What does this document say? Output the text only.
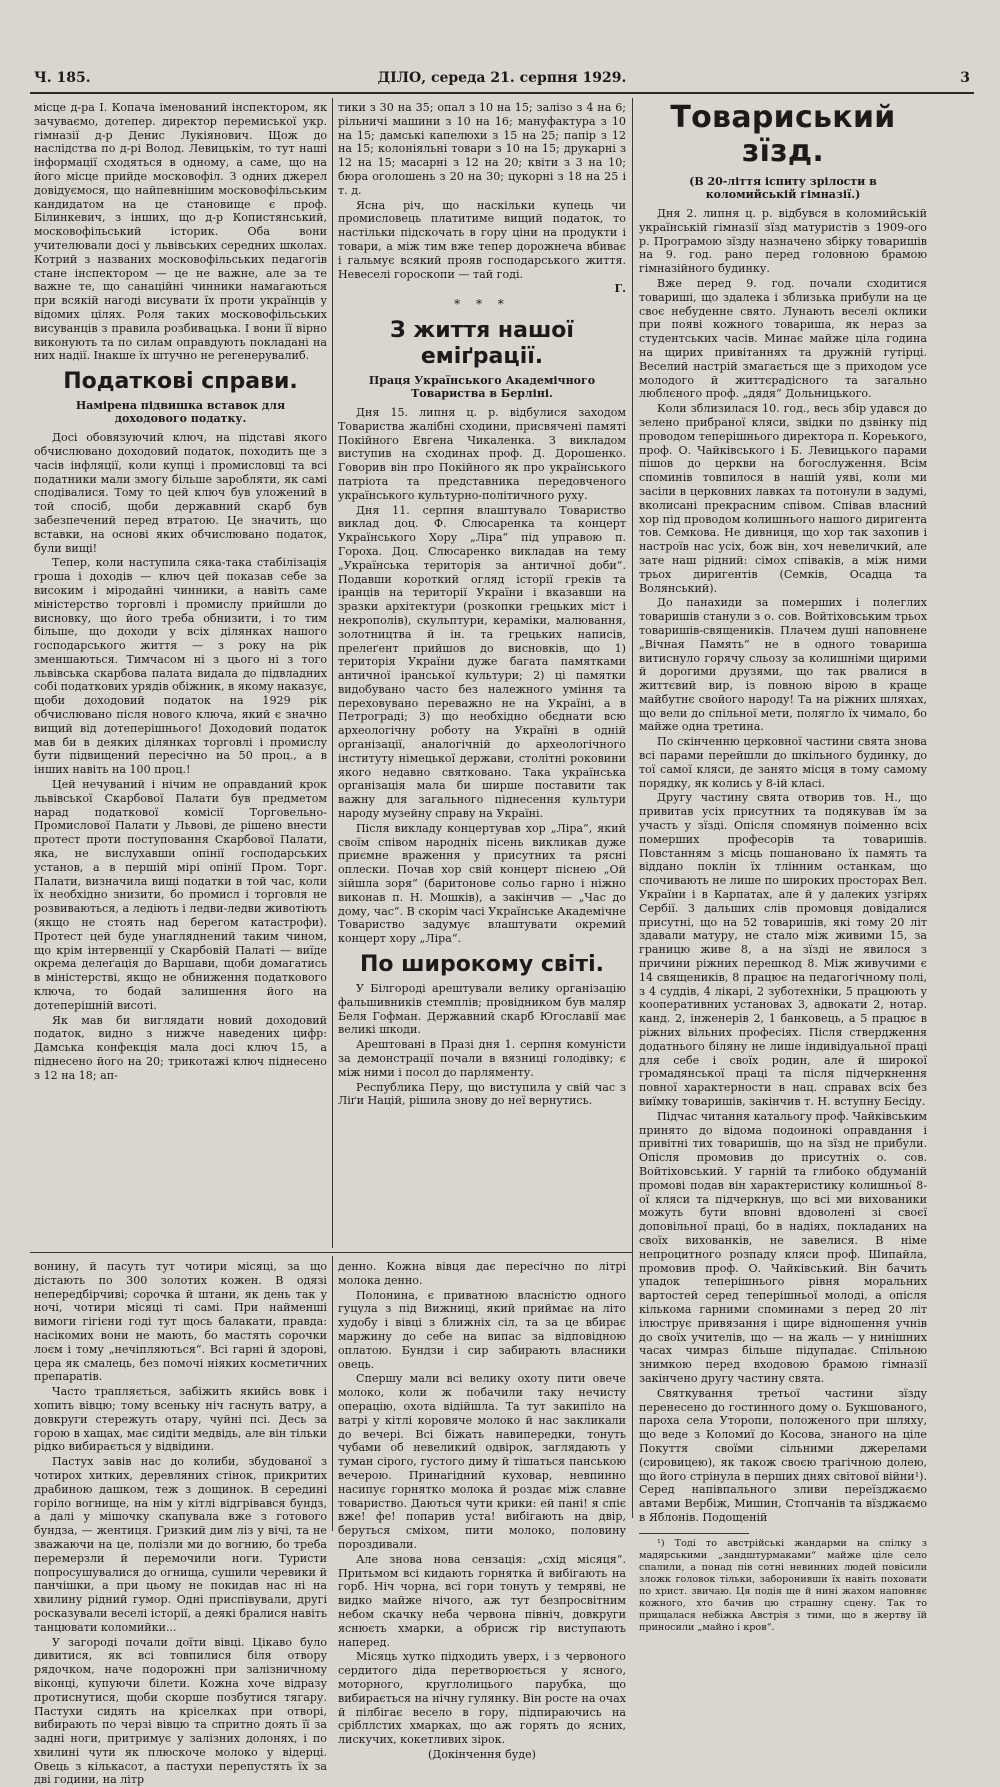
Ч. 185.	ДІЛО, середа 21. серпня 1929.	3

місце д-ра І. Копача іменований інспектором, як зачуваємо, дотепер. директор перемиської укр. гімназії д-р Денис Лукіянович. Щож до наслідства по д-рі Волод. Левицькім, то тут наші інформації сходяться в одному, а саме, що на його місце прийде московофіл. З одних джерел довідуємося, що найпевнішим московофільським кандидатом на це становище є проф. Білинкевич, з інших, що д-р Копистянський, московофільський історик. Оба вони учителювали досі у львівських середних школах. Котрий з названих московофільських педагогів стане інспектором — це не важне, але за те важне те, що санаційні чинники намагаються при всякій нагоді висувати їх проти українців у відомих цілях. Роля таких московофільських висуванців з правила розбивацька. І вони її вірно виконують та по силам оправдують покладані на них надії. Інакше їх штучно не регенерувалиб.

Податкові справи.
Намірена підвишка вставок для доходового податку.

Досі обовязуючий ключ, на підставі якого обчислювано доходовий податок, походить ще з часів інфляції, коли купці і промисловці та всі податники мали змогу більше заробляти, як самі сподівалися. Тому то цей ключ був уложений в той спосіб, щоби державний скарб був забезпечений перед втратою. Це значить, що вставки, на основі яких обчислювано податок, були вищі!

Тепер, коли наступила сяка-така стабілізація гроша і доходів — ключ цей показав себе за високим і міродайні чинники, а навіть саме міністерство торговлі і промислу прийшли до висновку, що його треба обнизити, і то тим більше, що доходи у всіх ділянках нашого господарського життя — з року на рік зменшаються. Тимчасом ні з цього ні з того львівська скарбова палата видала до підвладних собі податкових урядів обіжник, в якому наказує, щоби доходовий податок на 1929 рік обчислювано після нового ключа, який є значно вищий від дотеперішнього! Доходовий податок мав би в деяких ділянках торговлі і промислу бути підвищений пересічно на 50 проц., а в інших навіть на 100 проц.!

Цей нечуваний і нічим не оправданий крок львівської Скарбової Палати був предметом нарад податкової комісії Торговельно-Промислової Палати у Львові, де рішено внести протест проти поступовання Скарбової Палати, яка, не вислухавши опінії господарських установ, а в першій мірі опінії Пром. Торг. Палати, визначила вищі податки в той час, коли їх необхідно знизити, бо промисл і торговля не розвиваються, а ледіють і ледви-ледви животіють (якщо не стоять над берегом катастрофи). Протест цей буде унагляднений таким чином, що крім інтервенції у Скарбовій Палаті — виїде окрема делеґація до Варшави, щоби домагатись в міністерстві, якщо не обниження податкового ключа, то бодай залишення його на дотеперішній висоті.

Як мав би виглядати новий доходовий податок, видно з нижче наведених цифр: Дамська конфекція мала досі ключ 15, а піднесено його на 20; трикотажі ключ піднесено з 12 на 18; ап-

тики з 30 на 35; опал з 10 на 15; залізо з 4 на 6; рільничі машини з 10 на 16; мануфактура з 10 на 15; дамські капелюхи з 15 на 25; папір з 12 на 15; колоніяльні товари з 10 на 15; друкарні з 12 на 15; масарні з 12 на 20; квіти з 3 на 10; бюра оголошень з 20 на 30; цукорні з 18 на 25 і т. д.

Ясна річ, що наскільки купець чи промисловець платитиме вищий податок, то настільки підскочать в гору ціни на продукти і товари, а між тим вже тепер дорожнеча вбиває і гальмує всякий прояв господарського життя. Невеселі гороскопи — тай годі.

Г.
* * *
З життя нашої еміґрації.
Праця Українського Академічного Товариства в Берліні.

Дня 15. липня ц. р. відбулися заходом Товариства жалібні сходини, присвячені памяті Покійного Евгена Чикаленка. З викладом виступив на сходинах проф. Д. Дорошенко. Говорив він про Покійного як про українського патріота та представника передовченого українського культурно-політичного руху.

Дня 11. серпня влаштувало Товариство виклад доц. Ф. Слюсаренка та концерт Українського Хору „Ліра“ під управою п. Гороха. Доц. Слюсаренко викладав на тему „Українська територія за античної доби“. Подавши короткий огляд історії греків та іранців на території України і вказавши на зразки архітектури (розкопки грецьких міст і некрополів), скульптури, кераміки, малювання, золотництва й ін. та грецьких написів, прелеґент прийшов до висновків, що 1) територія України дуже багата памятками античної іранської культури; 2) ці памятки видобувано часто без належного уміння та переховувано переважно не на Україні, а в Петрограді; 3) що необхідно обєднати всю археологічну роботу на Україні в одній організації, аналогічній до археологічного інституту німецької держави, столітні роковини якого недавно святковано. Така українська організація мала би ширше поставити так важну для загального піднесення культури народу музейну справу на Україні.

Після викладу концертував хор „Ліра“, який своїм співом народніх пісень викликав дуже приємне враження у присутних та рясні оплески. Почав хор свій концерт піснею „Ой зійшла зоря“ (баритонове сольо гарно і ніжно виконав п. Н. Мошків), а закінчив — „Час до дому, час“. В скорім часі Українське Академічне Товариство задумує влаштувати окремий концерт хору „Ліра“.

По широкому світі.

У Білгороді арештували велику організацію фальшивників стемплів; провідником був маляр Беля Гофман. Державний скарб Югославії має великі шкоди.

Арештовані в Празі дня 1. серпня комуністи за демонстрації почали в вязниці голодівку; є між ними і посол до парляменту.

Республика Перу, що виступила у свій час з Ліґи Націй, рішила знову до неї вернутись.

Товариський зїзд.
(В 20-ліття іспиту зрілости в коломийській гімназії.)

Дня 2. липня ц. р. відбувся в коломийській українській гімназії зїзд матуристів з 1909-ого р. Програмою зїзду назначено збірку товаришів на 9. год. рано перед головною брамою гімназійного будинку.

Вже перед 9. год. почали сходитися товариші, що здалека і зблизька прибули на це своє небуденне свято. Лунають веселі оклики при появі кожного товариша, як нераз за студентських часів. Минає майже ціла година на щирих привітаннях та дружній гутірці. Веселий настрій змагається ще з приходом усе молодого й життєрадісного та загально люблєного проф. „дядя“ Дольницького.

Коли зблизилася 10. год., весь збір удався до зелено прибраної кляси, звідки по дзвінку під проводом теперішнього директора п. Кореького, проф. О. Чайківського і Б. Левицького парами пішов до церкви на богослуження. Всім споминів товпилося в нашій уяві, коли ми засіли в церковних лавках та потонули в задумі, вколисані прекрасним співом. Співав власний хор під проводом колишнього нашого диригента тов. Семкова. Не дивниця, що хор так захопив і настроїв нас усіх, бож він, хоч невеличкий, але зате наш рідний: сімох співаків, а між ними трьох диригентів (Семків, Осадца та Волянський).

До панахиди за померших і полеглих товаришів станули з о. сов. Войтіховським трьох товаришів-священиків. Плачем душі наповнене „Вічная Память“ не в одного товариша витиснуло горячу сльозу за колишніми щирими й дорогими друзями, що так рвалися в життєвий вир, із повною вірою в краще майбутнє свойого народу! Та на ріжних шляхах, що вели до спільної мети, полягло їх чимало, бо майже одна третина.

По скінченню церковної частини свята знова всі парами перейшли до шкільного будинку, до тої самої кляси, де занято місця в тому самому порядку, як колись у 8-ій класі.

Другу частину свята отворив тов. Н., що привитав усіх присутних та подякував їм за участь у зїзді. Опісля спомянув поіменно всіх померших професорів та товаришів. Повстанням з місць пошановано їх память та віддано поклін їх тлінним останкам, що спочивають не лише по широких просторах Вел. України і в Карпатах, але й у далеких узгірях Сербії. З дальших слів промовця довідалися присутні, що на 52 товаришів, які тому 20 літ здавали матуру, не стало між живими 15, за границю живе 8, а на зїзді не явилося з причини ріжних перешкод 8. Між живучими є 14 священиків, 8 працює на педагогічному полі, з 4 суддів, 4 лікарі, 2 зуботехніки, 5 працюють у кооперативних установах 3, адвокати 2, нотар. канд. 2, інженерів 2, 1 банковець, а 5 працює в ріжних вільних професіях. Після ствердження додатнього біляну не лише індивідуальної праці для себе і своїх родин, але й широкої громадянської праці та після підчеркнення повної характерности в нац. справах всіх без виїмку товаришів, закінчив т. Н. вступну Бесіду.

Підчас читання катальогу проф. Чайківським принято до відома подоинокі оправдання і привітні тих товаришів, що на зїзд не прибули. Опісля промовив до присутніх о. сов. Войтіховський. У гарній та глибоко обдуманій промові подав він характеристику колишньої 8-ої кляси та підчеркнув, що всі ми вихованики можуть бути вповні вдоволені зі своєї доповільної праці, бо в надіях, покладаних на своїх вихованків, не завелися. В німе непроцитного розпаду кляси проф. Шипайла, промовив проф. О. Чайківський. Він бачить упадок теперішнього рівня моральних вартостей серед теперішньої молоді, а опісля кількома гарними споминами з перед 20 літ ілюструє привязання і щире відношення учнів до своїх учителів, що — на жаль — у нинішних часах чимраз більше підупадає. Спільною знимкою перед входовою брамою гімназії закінчено другу частину свята.

Святкування третьої частини зїзду перенесено до гостинного дому о. Букшованого, пароха села Уторопи, положеного при шляху, що веде з Коломиї до Косова, знаного на ціле Покуття своїми сільними джерелами (сировицею), як також своєю трагічною долею, що його стрінула в перших днях світової війни¹). Серед напівпального зливи переїзджаємо автами Вербіж, Мишин, Стопчанів та вїзджаємо в Яблонів. Подощеній

¹) Тоді то австрійські жандарми на спілку з мадярськими „зандштурмаками“ майже ціле село спалили, а понад пів сотні невинних людей повісили зложк головок тільки, заборонивши їх навіть поховати по христ. звичаю. Ця подія ще й нині жахом наповняє кожного, хто бачив цю страшну сцену. Так то прищалася небіжка Австрія з тими, що в жертву їй приносили „майно і кров“.

вонину, й пасуть тут чотири місяці, за що дістають по 300 золотих кожен. В одязі непередбірчиві; сорочка й штани, як день так у ночі, чотири місяці ті самі. При найменші вимоги гігієни годі тут щось балакати, правда: насікомих вони не мають, бо мастять сорочки лоєм і тому „нечіпляються“. Всі гарні й здорові, цера як смалець, без помочі ніяких косметичних препаратів.

Часто трапляється, забіжить якийсь вовк і хопить вівцю; тому всеньку ніч гаснуть ватру, а довкруги стережуть отару, чуйні псі. Десь за горою в хащах, має сидіти медвідь, але він тільки рідко вибирається у відвідини.

Пастух завів нас до колиби, збудованої з чотирох хитких, деревляних стінок, прикритих драбиною дашком, теж з дощинок. В середині горіло вогнище, на нім у кітлі відгрівався бундз, а далі у мішочку скапувала вже з готового бундза, — жентиця. Гризкий дим ліз у вічі, та не зважаючи на це, полізли ми до вогнию, бо треба перемерзли й перемочили ноги. Туристи попросушувалися до огнища, сушили черевики й панчішки, а при цьому не покидав нас ні на хвилину рідний гумор. Одні приспівували, другі росказували веселі історії, а деякі бралися навіть танцювати коломийки...

У загороді почали доїти вівці. Цікаво було дивитися, як всі товпилися біля отвору рядочком, наче подорожні при залізничному віконці, купуючи білети. Кожна хоче відразу протиснутися, щоби скорше позбутися тягару. Пастухи сидять на кріселках при отворі, вибирають по черзі вівцю та спритно доять її за задні ноги, притримує у залізних долонях, і по хвилині чути як плюскоче молоко у відерці. Овець з кількасот, а пастухи перепустять їх за дві години, на літр

денно. Кожна вівця дає пересічно по літрі молока денно.

Полонина, є приватною власністю одного гуцула з під Вижниці, який приймає на літо худобу і вівці з ближніх сіл, та за це вбирає маржину до себе на випас за відповідною оплатою. Бундзи і сир забирають власники овець.

Спершу мали всі велику охоту пити овече молоко, коли ж побачили таку нечисту операцію, охота відійшла. Та тут закипіло на ватрі у кітлі коровяче молоко й нас закликали до вечері. Всі біжать навипередки, тонуть чубами об невеликий одвірок, заглядають у туман сірого, густого диму й тішаться панською вечерою. Принагідний куховар, невпинно насипує горнятко молока й роздає між славне товариство. Даються чути крики: ей пані! я спіє вже! фе! попарив уста! вибігають на двір, беруться сміхом, пити молоко, половину пороздивали.

Але знова нова сензація: „схід місяця“. Притьмом всі кидають горнятка й вибігають на горб. Ніч чорна, всі гори тонуть у темряві, не видко майже нічого, аж тут безпросвітним небом скачку неба червона північ, довкруги яснюєть хмарки, а обрисж гір виступають наперед.

Місяць хутко підходить уверх, і з червоного сердитого діда перетворюється у ясного, моторного, круглолицього парубка, що вибирається на нічну гулянку. Він росте на очах й пілбігає весело в гору, підпираючись на срібллстих хмарках, що аж горять до ясних, лискучих, кокетливих зірок.

(Докінчення буде)
